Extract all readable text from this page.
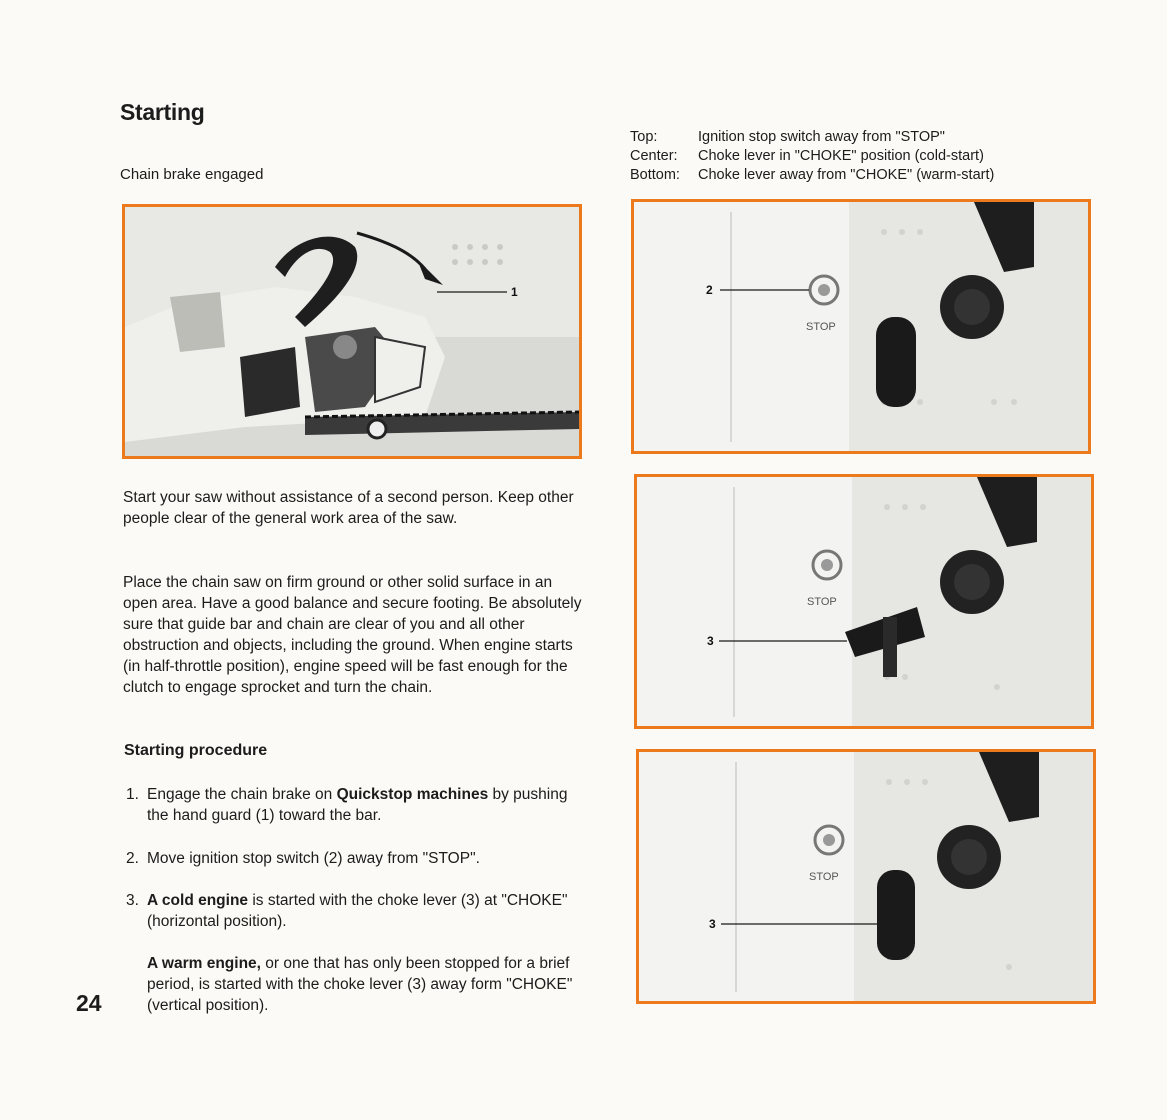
Starting
Chain brake engaged
Top:	Ignition stop switch away from "STOP"
Center:	Choke lever in "CHOKE" position (cold-start)
Bottom:	Choke lever away from "CHOKE" (warm-start)
1
STOP
2
STOP
3
STOP
3

Start your saw without assistance of a second person. Keep other people clear of the general work area of the saw.

Place the chain saw on firm ground or other solid surface in an open area. Have a good balance and secure footing. Be absolutely sure that guide bar and chain are clear of you and all other obstruction and objects, including the ground. When engine starts (in half-throttle position), engine speed will be fast enough for the clutch to engage sprocket and turn the chain.

Starting procedure
1. Engage the chain brake on Quickstop machines by pushing the hand guard (1) toward the bar.
2. Move ignition stop switch (2) away from "STOP".
3. A cold engine is started with the choke lever (3) at "CHOKE" (horizontal position).
A warm engine, or one that has only been stopped for a brief period, is started with the choke lever (3) away form "CHOKE" (vertical position).
24
